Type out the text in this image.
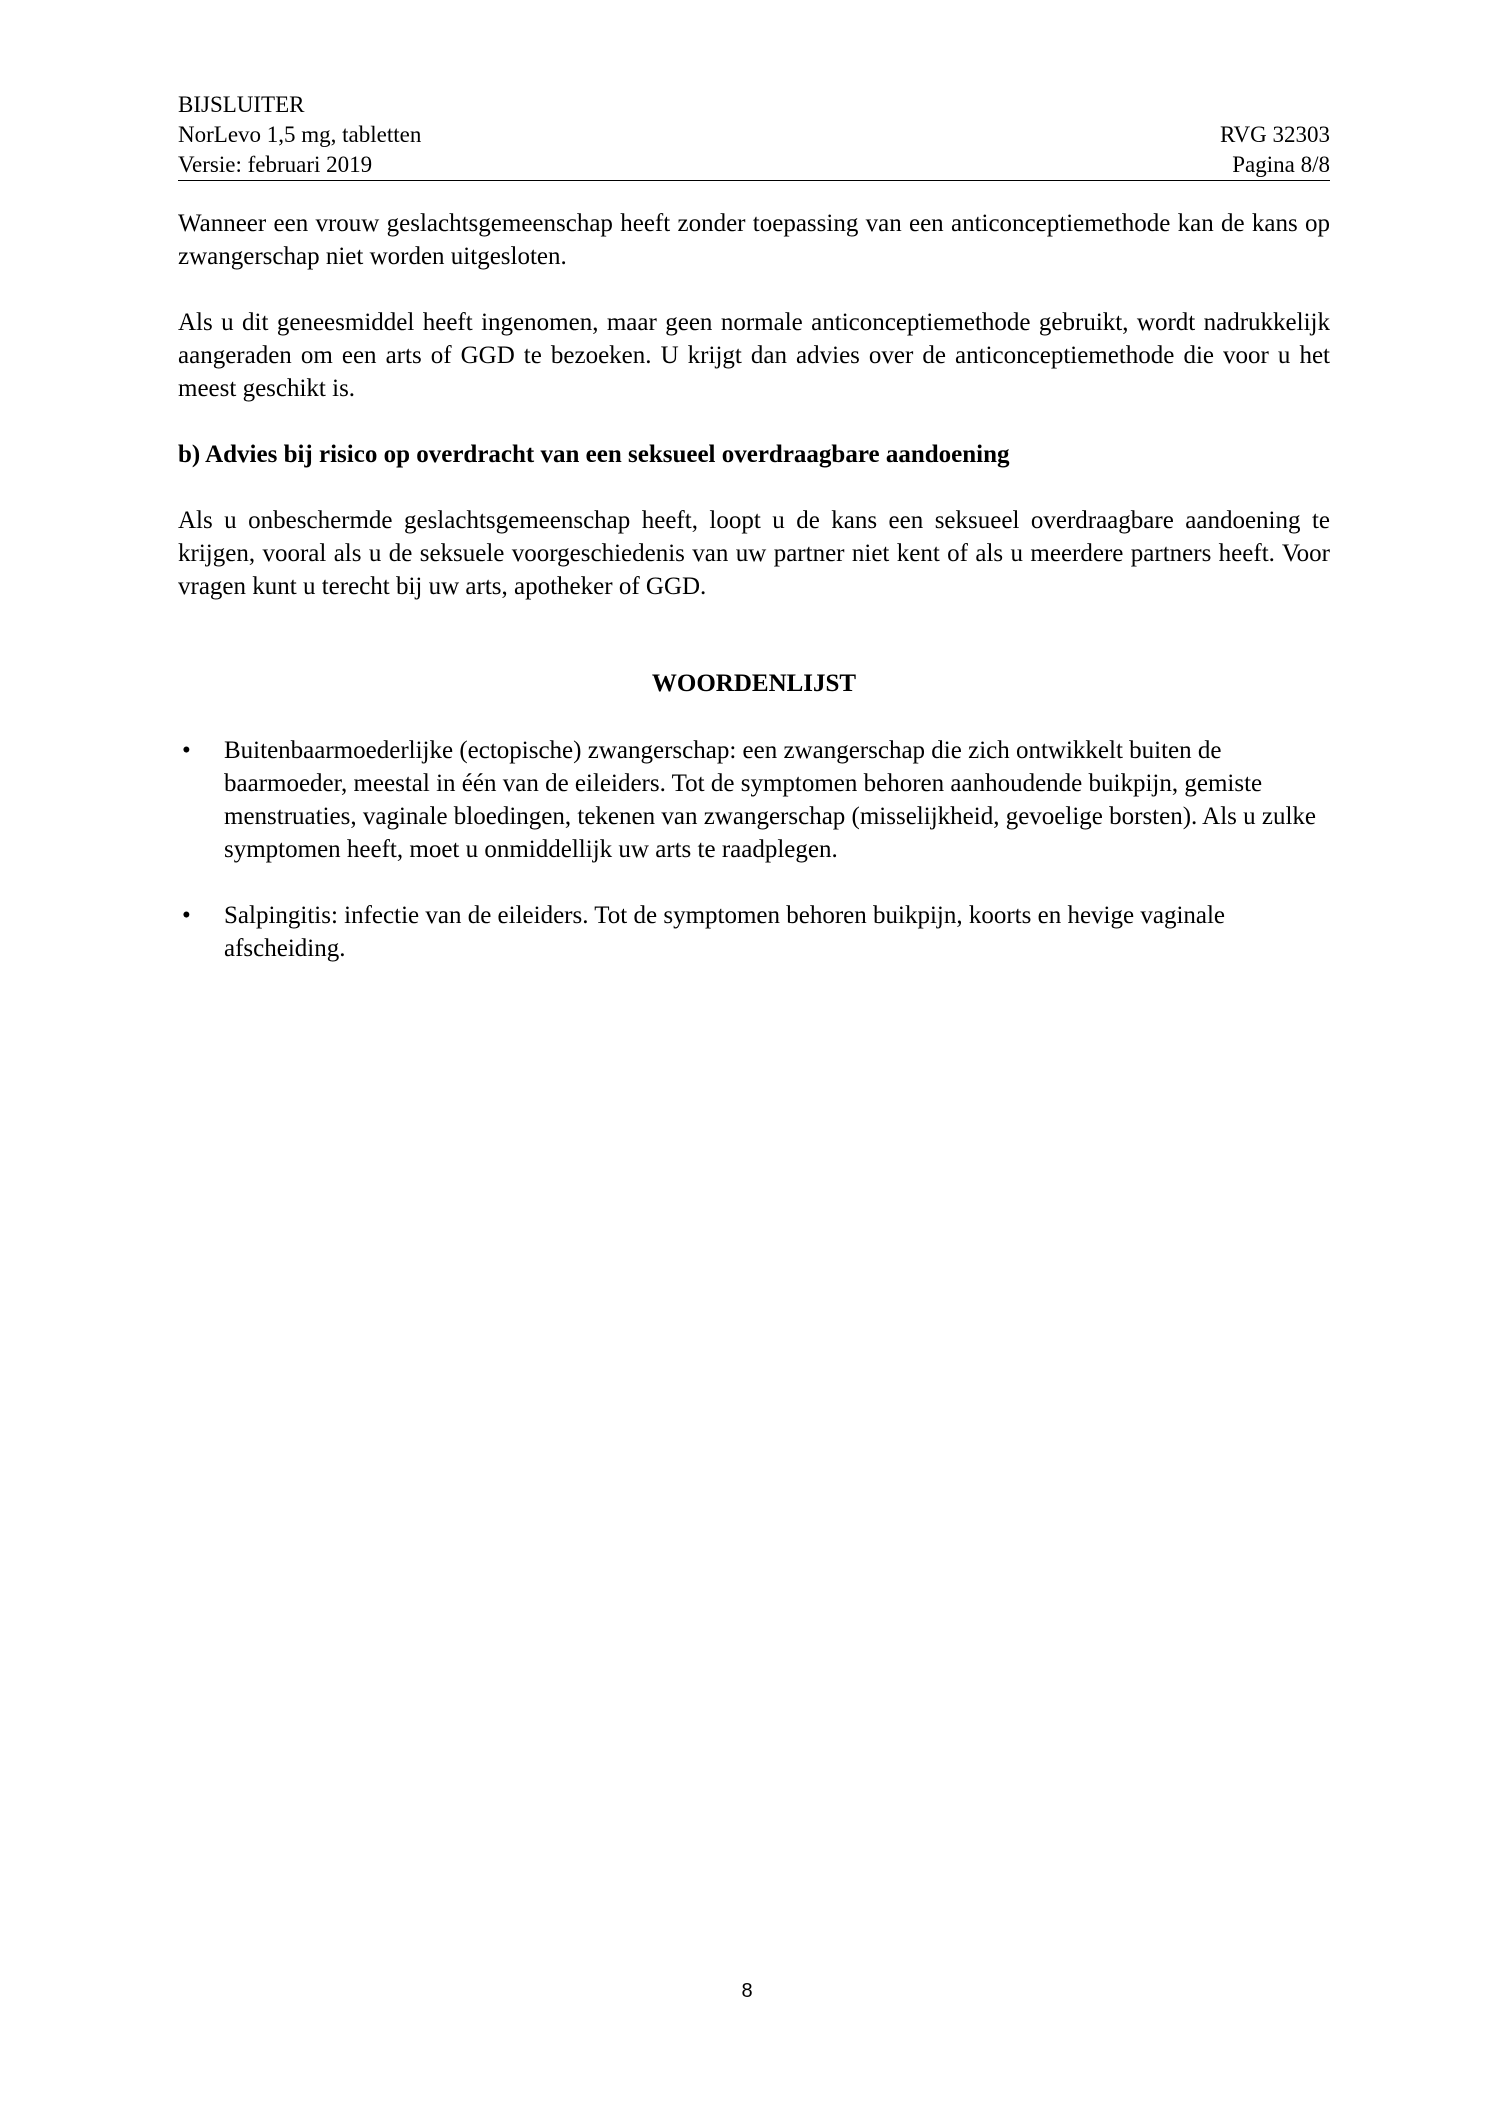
BIJSLUITER
NorLevo 1,5 mg, tabletten	RVG 32303
Versie: februari 2019	Pagina 8/8

Wanneer een vrouw geslachtsgemeenschap heeft zonder toepassing van een anticonceptiemethode kan de kans op zwangerschap niet worden uitgesloten.

Als u dit geneesmiddel heeft ingenomen, maar geen normale anticonceptiemethode gebruikt, wordt nadrukkelijk aangeraden om een arts of GGD te bezoeken. U krijgt dan advies over de anticonceptiemethode die voor u het meest geschikt is.

b) Advies bij risico op overdracht van een seksueel overdraagbare aandoening

Als u onbeschermde geslachtsgemeenschap heeft, loopt u de kans een seksueel overdraagbare aandoening te krijgen, vooral als u de seksuele voorgeschiedenis van uw partner niet kent of als u meerdere partners heeft. Voor vragen kunt u terecht bij uw arts, apotheker of GGD.

WOORDENLIJST
• Buitenbaarmoederlijke (ectopische) zwangerschap: een zwangerschap die zich ontwikkelt buiten de baarmoeder, meestal in één van de eileiders. Tot de symptomen behoren aanhoudende buikpijn, gemiste menstruaties, vaginale bloedingen, tekenen van zwangerschap (misselijkheid, gevoelige borsten). Als u zulke symptomen heeft, moet u onmiddellijk uw arts te raadplegen.
• Salpingitis: infectie van de eileiders. Tot de symptomen behoren buikpijn, koorts en hevige vaginale afscheiding.
8
